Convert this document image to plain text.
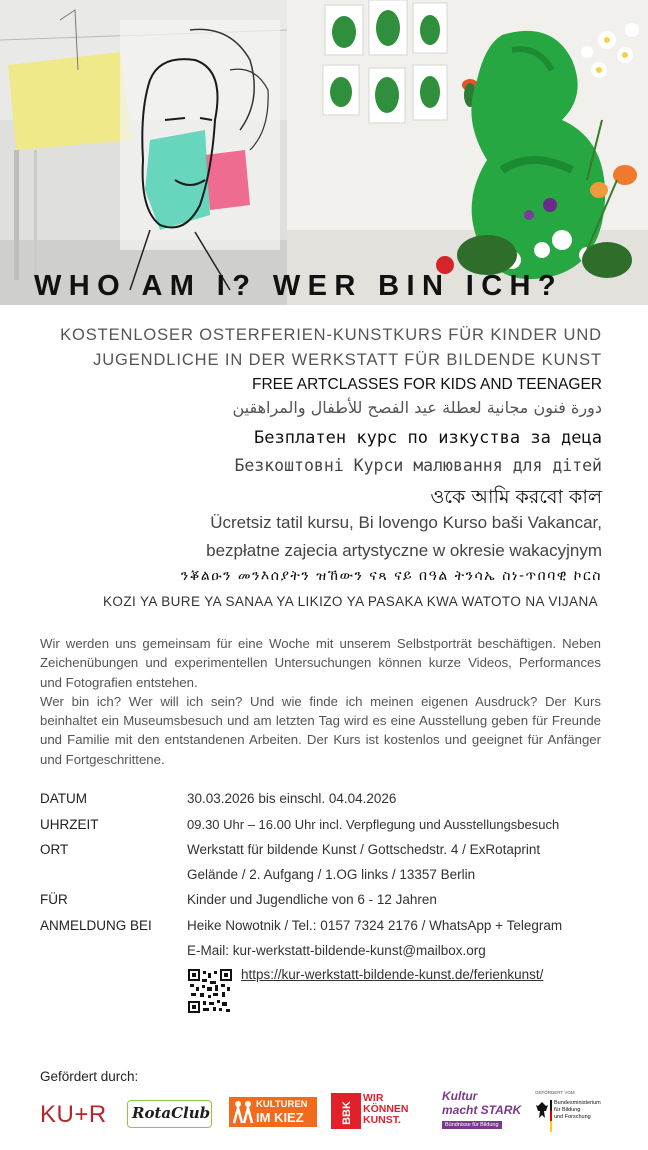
WHO AM I? WER BIN ICH?
KOSTENLOSER OSTERFERIEN-KUNSTKURS FÜR KINDER UND
JUGENDLICHE IN DER WERKSTATT FÜR BILDENDE KUNST
FREE ARTCLASSES FOR KIDS AND TEENAGER
دورة فنون مجانية لعطلة عيد الفصح للأطفال والمراهقين
Безплатен курс по изкуства за деца
Безкоштовні Курси малювання для дітей
ওকে আমি করবো কাল
Ücretsiz tatil kursu, Bi lovengo Kurso baši Vakancar,
bezpłatne zajecia artystyczne w okresie wakacyjnym
ንቖልዑን መንእሰያትን ዝኸውን ናጻ ናይ በዓል ትንሳኤ ስነ-ጥበባዊ ኮርስ
KOZI YA BURE YA SANAA YA LIKIZO YA PASAKA KWA WATOTO NA VIJANA

Wir werden uns gemeinsam für eine Woche mit unserem Selbstporträt beschäftigen. Neben Zeichenübungen und experimentellen Untersuchungen können kurze Videos, Performances und Fotografien entstehen.

Wer bin ich? Wer will ich sein? Und wie finde ich meinen eigenen Ausdruck? Der Kurs beinhaltet ein Museumsbesuch und am letzten Tag wird es eine Ausstellung geben für Freunde und Familie mit den entstandenen Arbeiten. Der Kurs ist kostenlos und geeignet für Anfänger und Fortgeschrittene.

DATUM	30.03.2026 bis einschl. 04.04.2026
UHRZEIT	09.30 Uhr – 16.00 Uhr incl. Verpflegung und Ausstellungsbesuch
ORT	Werkstatt für bildende Kunst / Gottschedstr. 4 / ExRotaprint
Gelände / 2. Aufgang / 1.OG links / 13357 Berlin
FÜR	Kinder und Jugendliche von 6 - 12 Jahren
ANMELDUNG BEI	Heike Nowotnik / Tel.: 0157 7324 2176 / WhatsApp + Telegram
E-Mail: kur-werkstatt-bildende-kunst@mailbox.org
https://kur-werkstatt-bildende-kunst.de/ferienkunst/
Gefördert durch:
KU+R RotaClub	KULTUREN
IM KIEZ	BBK
WIR
KÖNNEN
KUNST.
Kultur
macht STARK
Bündnisse für Bildung
GEFÖRDERT VOM
Bundesministerium
für Bildung
und Forschung
